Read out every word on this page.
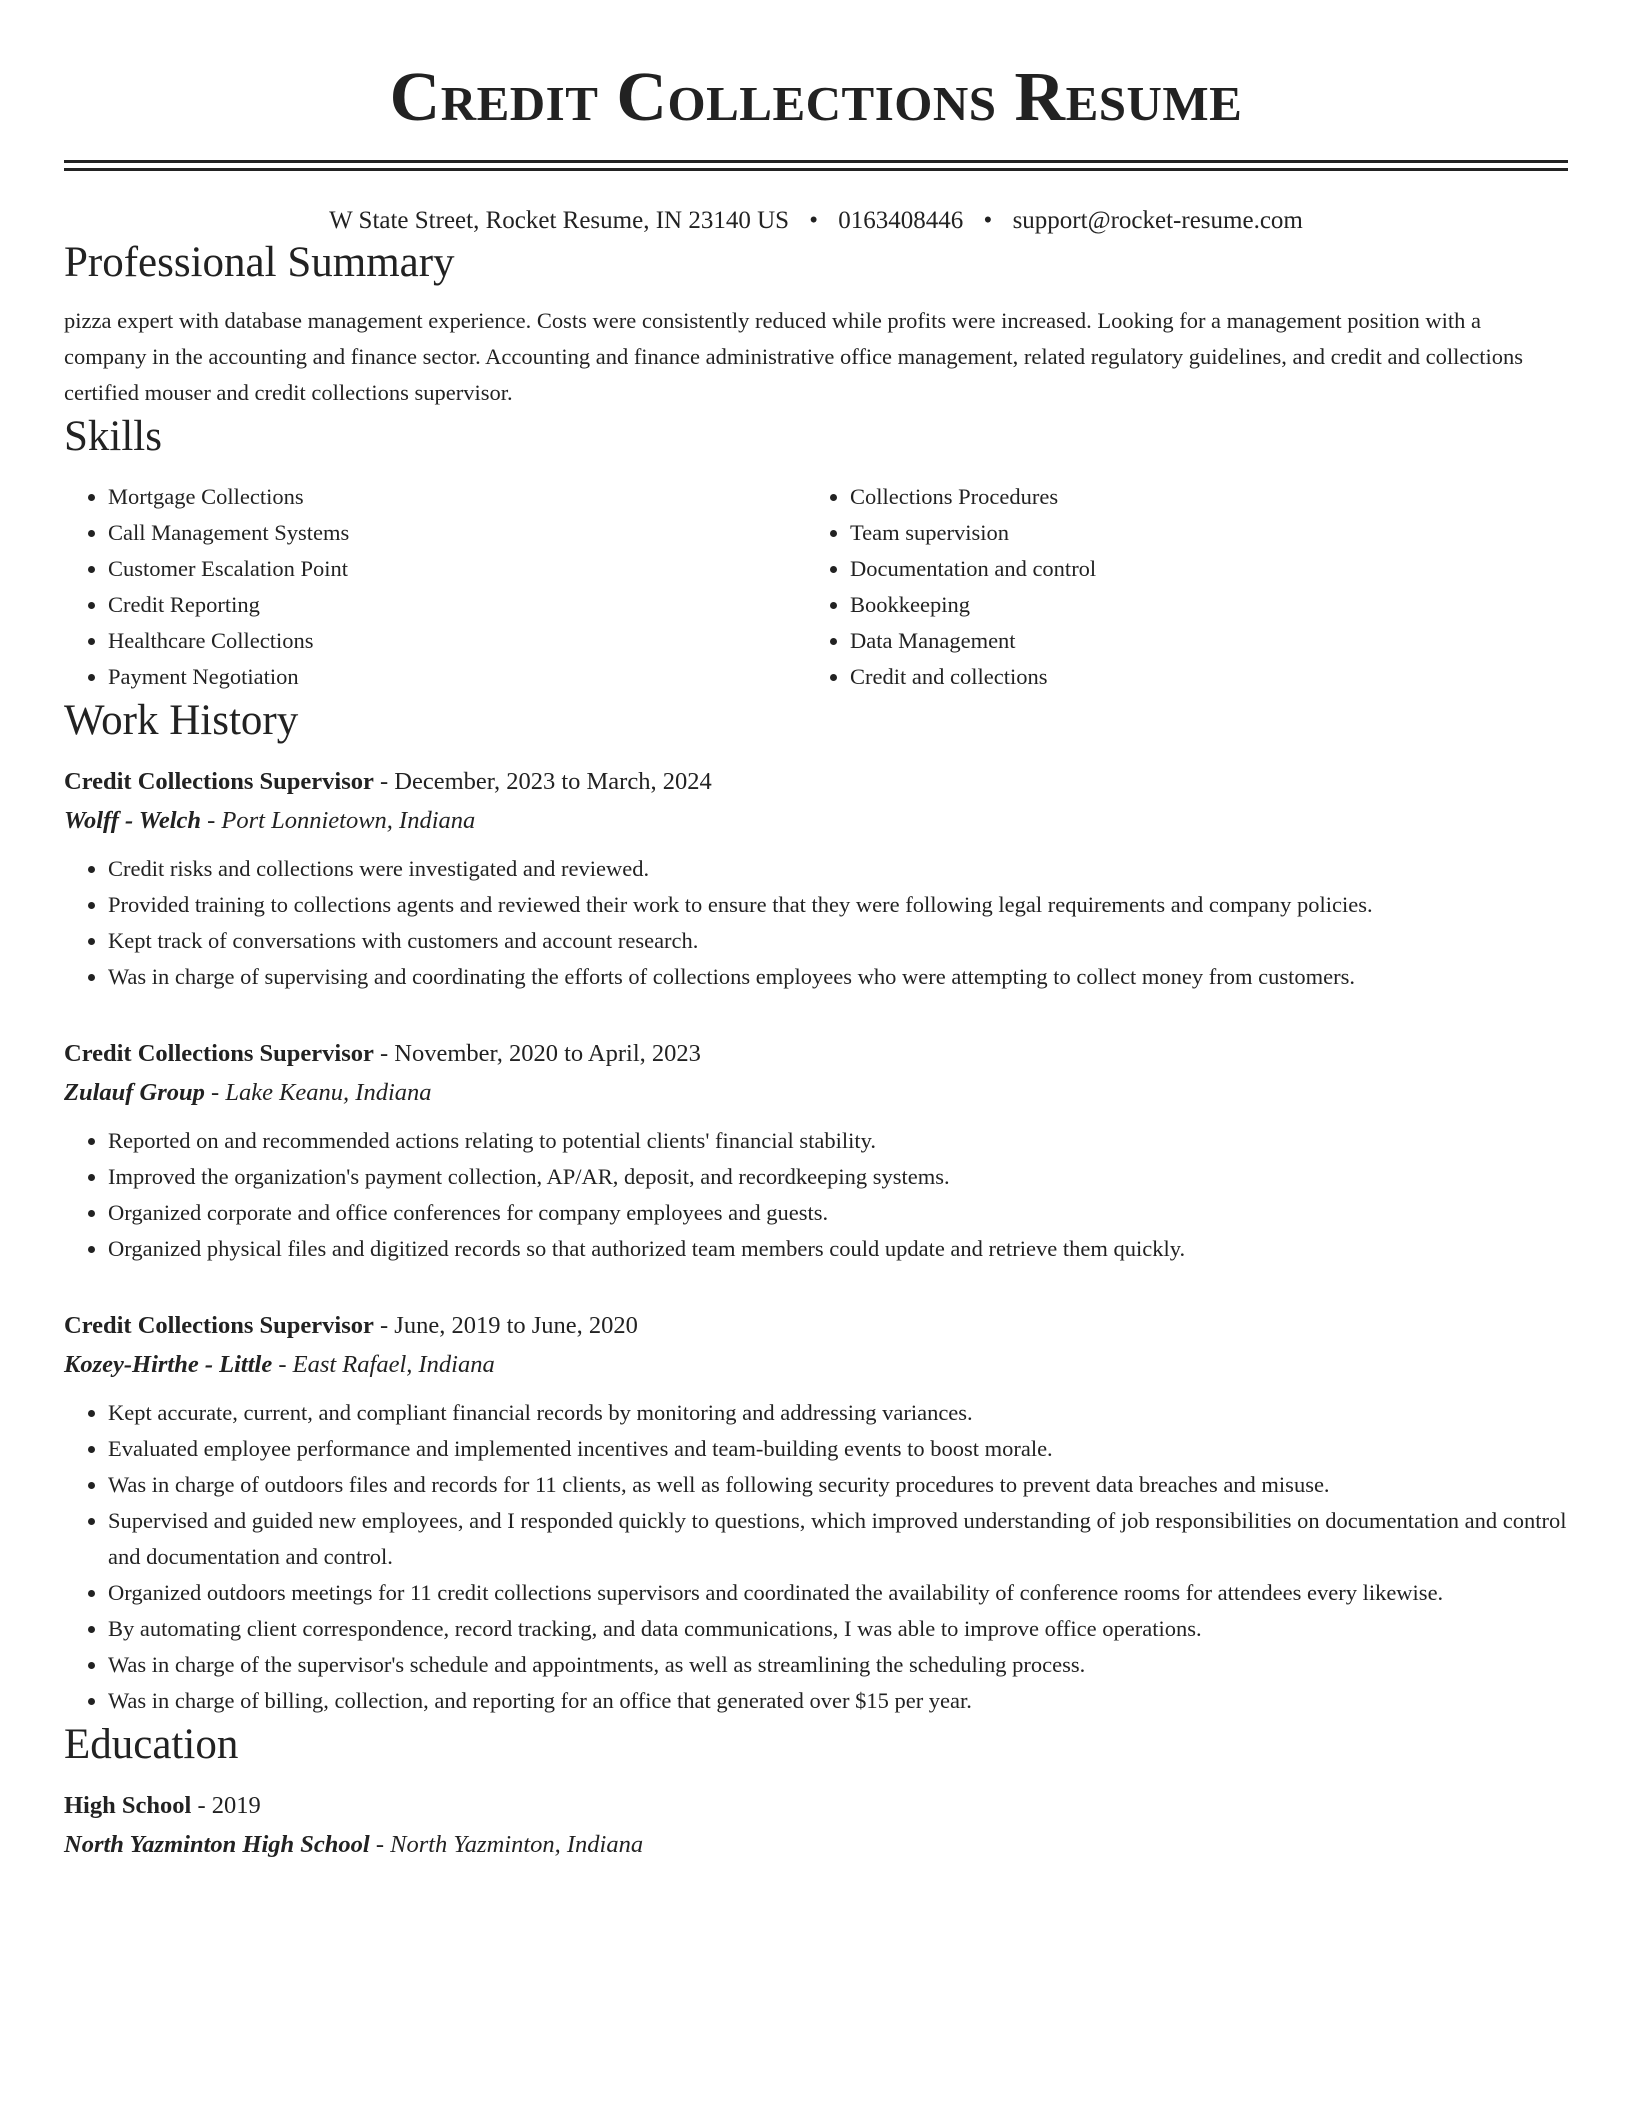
Credit Collections Resume
W State Street, Rocket Resume, IN 23140 US • 0163408446 • support@rocket-resume.com
Professional Summary
pizza expert with database management experience. Costs were consistently reduced while profits were increased. Looking for a management position with a company in the accounting and finance sector. Accounting and finance administrative office management, related regulatory guidelines, and credit and collections certified mouser and credit collections supervisor.
Skills
• Mortgage Collections
• Call Management Systems
• Customer Escalation Point
• Credit Reporting
• Healthcare Collections
• Payment Negotiation
• Collections Procedures
• Team supervision
• Documentation and control
• Bookkeeping
• Data Management
• Credit and collections
Work History
Credit Collections Supervisor - December, 2023 to March, 2024
Wolff - Welch - Port Lonnietown, Indiana
• Credit risks and collections were investigated and reviewed.
• Provided training to collections agents and reviewed their work to ensure that they were following legal requirements and company policies.
• Kept track of conversations with customers and account research.
• Was in charge of supervising and coordinating the efforts of collections employees who were attempting to collect money from customers.
Credit Collections Supervisor - November, 2020 to April, 2023
Zulauf Group - Lake Keanu, Indiana
• Reported on and recommended actions relating to potential clients' financial stability.
• Improved the organization's payment collection, AP/AR, deposit, and recordkeeping systems.
• Organized corporate and office conferences for company employees and guests.
• Organized physical files and digitized records so that authorized team members could update and retrieve them quickly.
Credit Collections Supervisor - June, 2019 to June, 2020
Kozey-Hirthe - Little - East Rafael, Indiana
• Kept accurate, current, and compliant financial records by monitoring and addressing variances.
• Evaluated employee performance and implemented incentives and team-building events to boost morale.
• Was in charge of outdoors files and records for 11 clients, as well as following security procedures to prevent data breaches and misuse.
• Supervised and guided new employees, and I responded quickly to questions, which improved understanding of job responsibilities on documentation and control and documentation and control.
• Organized outdoors meetings for 11 credit collections supervisors and coordinated the availability of conference rooms for attendees every likewise.
• By automating client correspondence, record tracking, and data communications, I was able to improve office operations.
• Was in charge of the supervisor's schedule and appointments, as well as streamlining the scheduling process.
• Was in charge of billing, collection, and reporting for an office that generated over $15 per year.
Education
High School - 2019
North Yazminton High School - North Yazminton, Indiana
